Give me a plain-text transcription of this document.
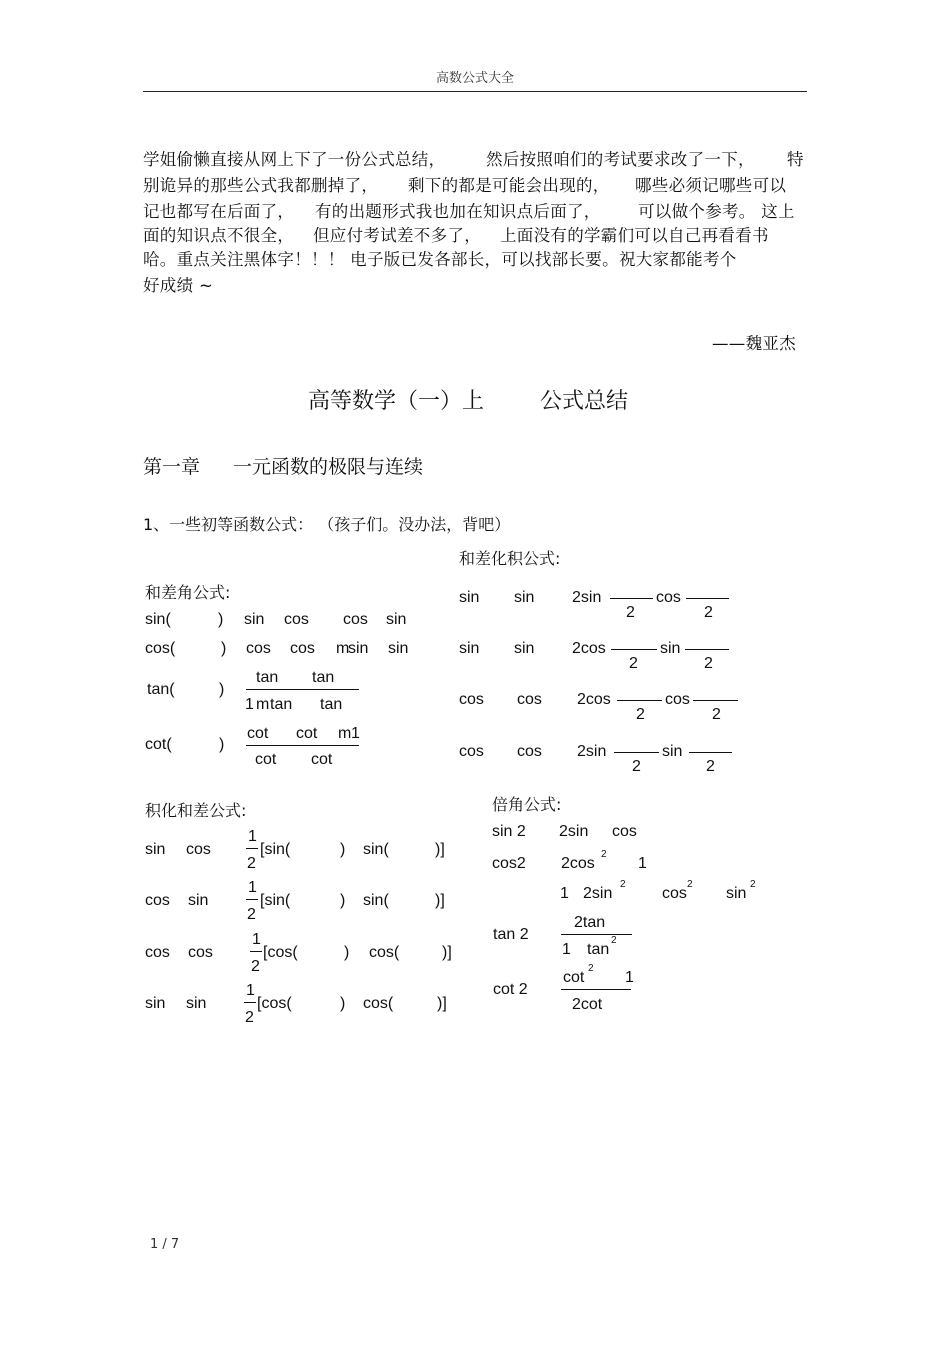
高数公式大全
学姐偷懒直接从网上下了一份公式总结， 然后按照咱们的考试要求改了一下， 特
别诡异的那些公式我都删掉了， 剩下的都是可能会出现的， 哪些必须记哪些可以
记也都写在后面了， 有的出题形式我也加在知识点后面了， 可以做个参考。 这上
面的知识点不很全， 但应付考试差不多了， 上面没有的学霸们可以自己再看看书
哈。重点关注黑体字！！！ 电子版已发各部长，可以找部长要。祝大家都能考个
好成绩 ~
——魏亚杰
高等数学（一）上	公式总结
第一章 一元函数的极限与连续
1、一些初等函数公式： （孩子们。没办法，背吧）
和差角公式:
sin(	) sin cos cos sin
cos(	) cos cos m
sin sin
tan(	)
tan tan
1 m tan tan
cot(	)
cot cot m 1
cot cot
和差化积公式:
sin sin 2sin	cos
2	2
sin sin 2cos	sin
2	2
cos cos 2cos	cos
2	2
cos cos 2sin	sin
2	2
积化和差公式:
sin cos
1
2
[sin(	) sin(	)]
cos sin
1
2
[sin(	) sin(	)]
cos cos
1
2
[cos(	) cos(	)]
sin sin
1
2
[cos(	) cos(	)]
倍角公式:
sin 2 2sin cos
cos2 2cos
2
1
1 2sin
2
cos
2
sin
2
tan 2
2tan
1 tan
2
cot 2
cot
2
1
2cot
1 / 7
